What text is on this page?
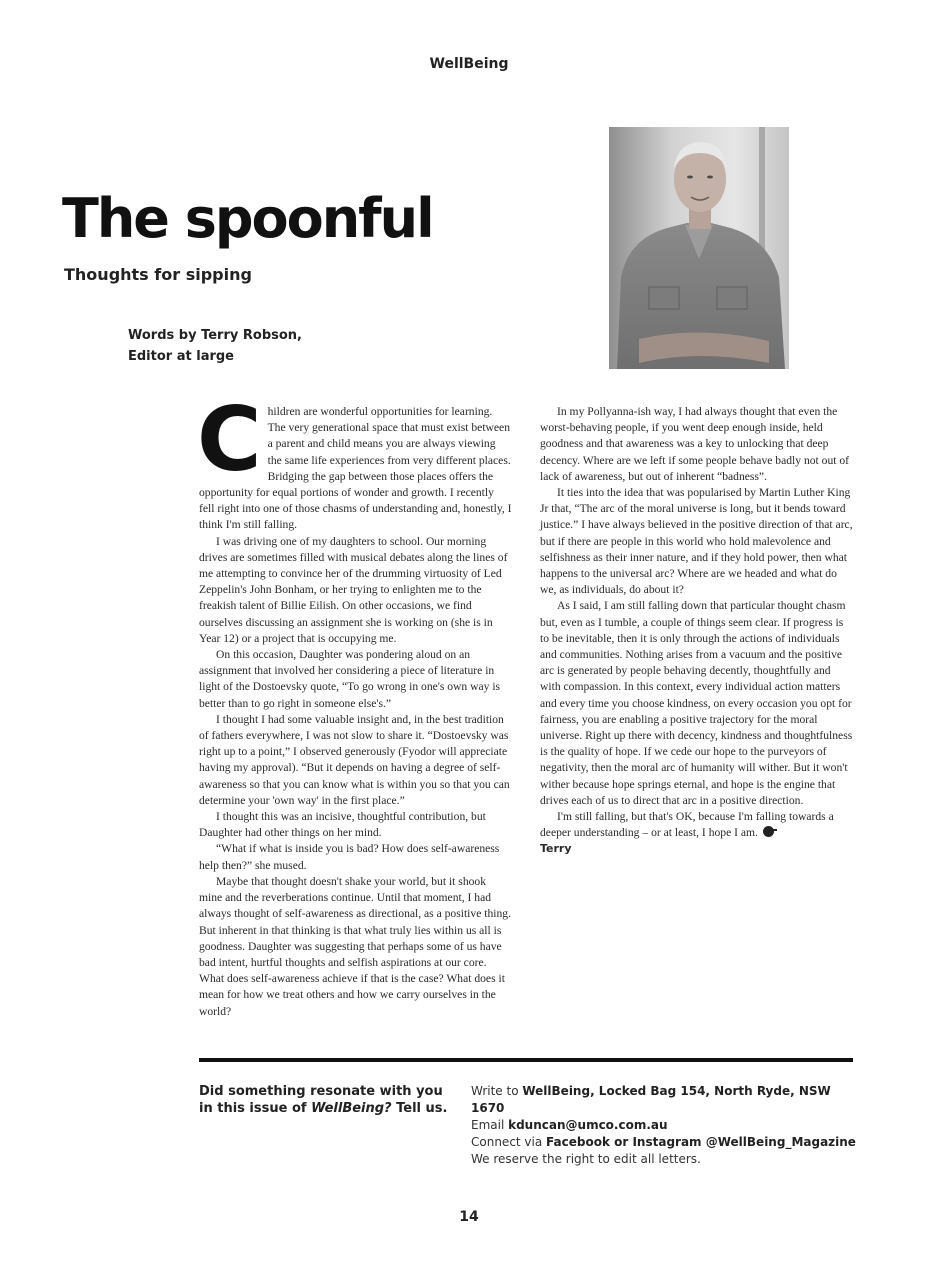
WellBeing
The spoonful
Thoughts for sipping
Words by Terry Robson,
Editor at large

Children are wonderful opportunities for learning. The very generational space that must exist between a parent and child means you are always viewing the same life experiences from very different places. Bridging the gap between those places offers the opportunity for equal portions of wonder and growth. I recently fell right into one of those chasms of understanding and, honestly, I think I'm still falling.

I was driving one of my daughters to school. Our morning drives are sometimes filled with musical debates along the lines of me attempting to convince her of the drumming virtuosity of Led Zeppelin's John Bonham, or her trying to enlighten me to the freakish talent of Billie Eilish. On other occasions, we find ourselves discussing an assignment she is working on (she is in Year 12) or a project that is occupying me.

On this occasion, Daughter was pondering aloud on an assignment that involved her considering a piece of literature in light of the Dostoevsky quote, “To go wrong in one's own way is better than to go right in someone else's.”

I thought I had some valuable insight and, in the best tradition of fathers everywhere, I was not slow to share it. “Dostoevsky was right up to a point,” I observed generously (Fyodor will appreciate having my approval). “But it depends on having a degree of self-awareness so that you can know what is within you so that you can determine your 'own way' in the first place.”

I thought this was an incisive, thoughtful contribution, but Daughter had other things on her mind.

“What if what is inside you is bad? How does self-awareness help then?” she mused.

Maybe that thought doesn't shake your world, but it shook mine and the reverberations continue. Until that moment, I had always thought of self-awareness as directional, as a positive thing. But inherent in that thinking is that what truly lies within us all is goodness. Daughter was suggesting that perhaps some of us have bad intent, hurtful thoughts and selfish aspirations at our core. What does self-awareness achieve if that is the case? What does it mean for how we treat others and how we carry ourselves in the world?

In my Pollyanna-ish way, I had always thought that even the worst-behaving people, if you went deep enough inside, held goodness and that awareness was a key to unlocking that deep decency. Where are we left if some people behave badly not out of lack of awareness, but out of inherent “badness”.

It ties into the idea that was popularised by Martin Luther King Jr that, “The arc of the moral universe is long, but it bends toward justice.” I have always believed in the positive direction of that arc, but if there are people in this world who hold malevolence and selfishness as their inner nature, and if they hold power, then what happens to the universal arc? Where are we headed and what do we, as individuals, do about it?

As I said, I am still falling down that particular thought chasm but, even as I tumble, a couple of things seem clear. If progress is to be inevitable, then it is only through the actions of individuals and communities. Nothing arises from a vacuum and the positive arc is generated by people behaving decently, thoughtfully and with compassion. In this context, every individual action matters and every time you choose kindness, on every occasion you opt for fairness, you are enabling a positive trajectory for the moral universe. Right up there with decency, kindness and thoughtfulness is the quality of hope. If we cede our hope to the purveyors of negativity, then the moral arc of humanity will wither. But it won't wither because hope springs eternal, and hope is the engine that drives each of us to direct that arc in a positive direction.

I'm still falling, but that's OK, because I'm falling towards a deeper understanding – or at least, I hope I am.

Terry
Did something resonate with you in this issue of WellBeing? Tell us.
Write to WellBeing, Locked Bag 154, North Ryde, NSW 1670
Email kduncan@umco.com.au
Connect via Facebook or Instagram @WellBeing_Magazine
We reserve the right to edit all letters.
14
